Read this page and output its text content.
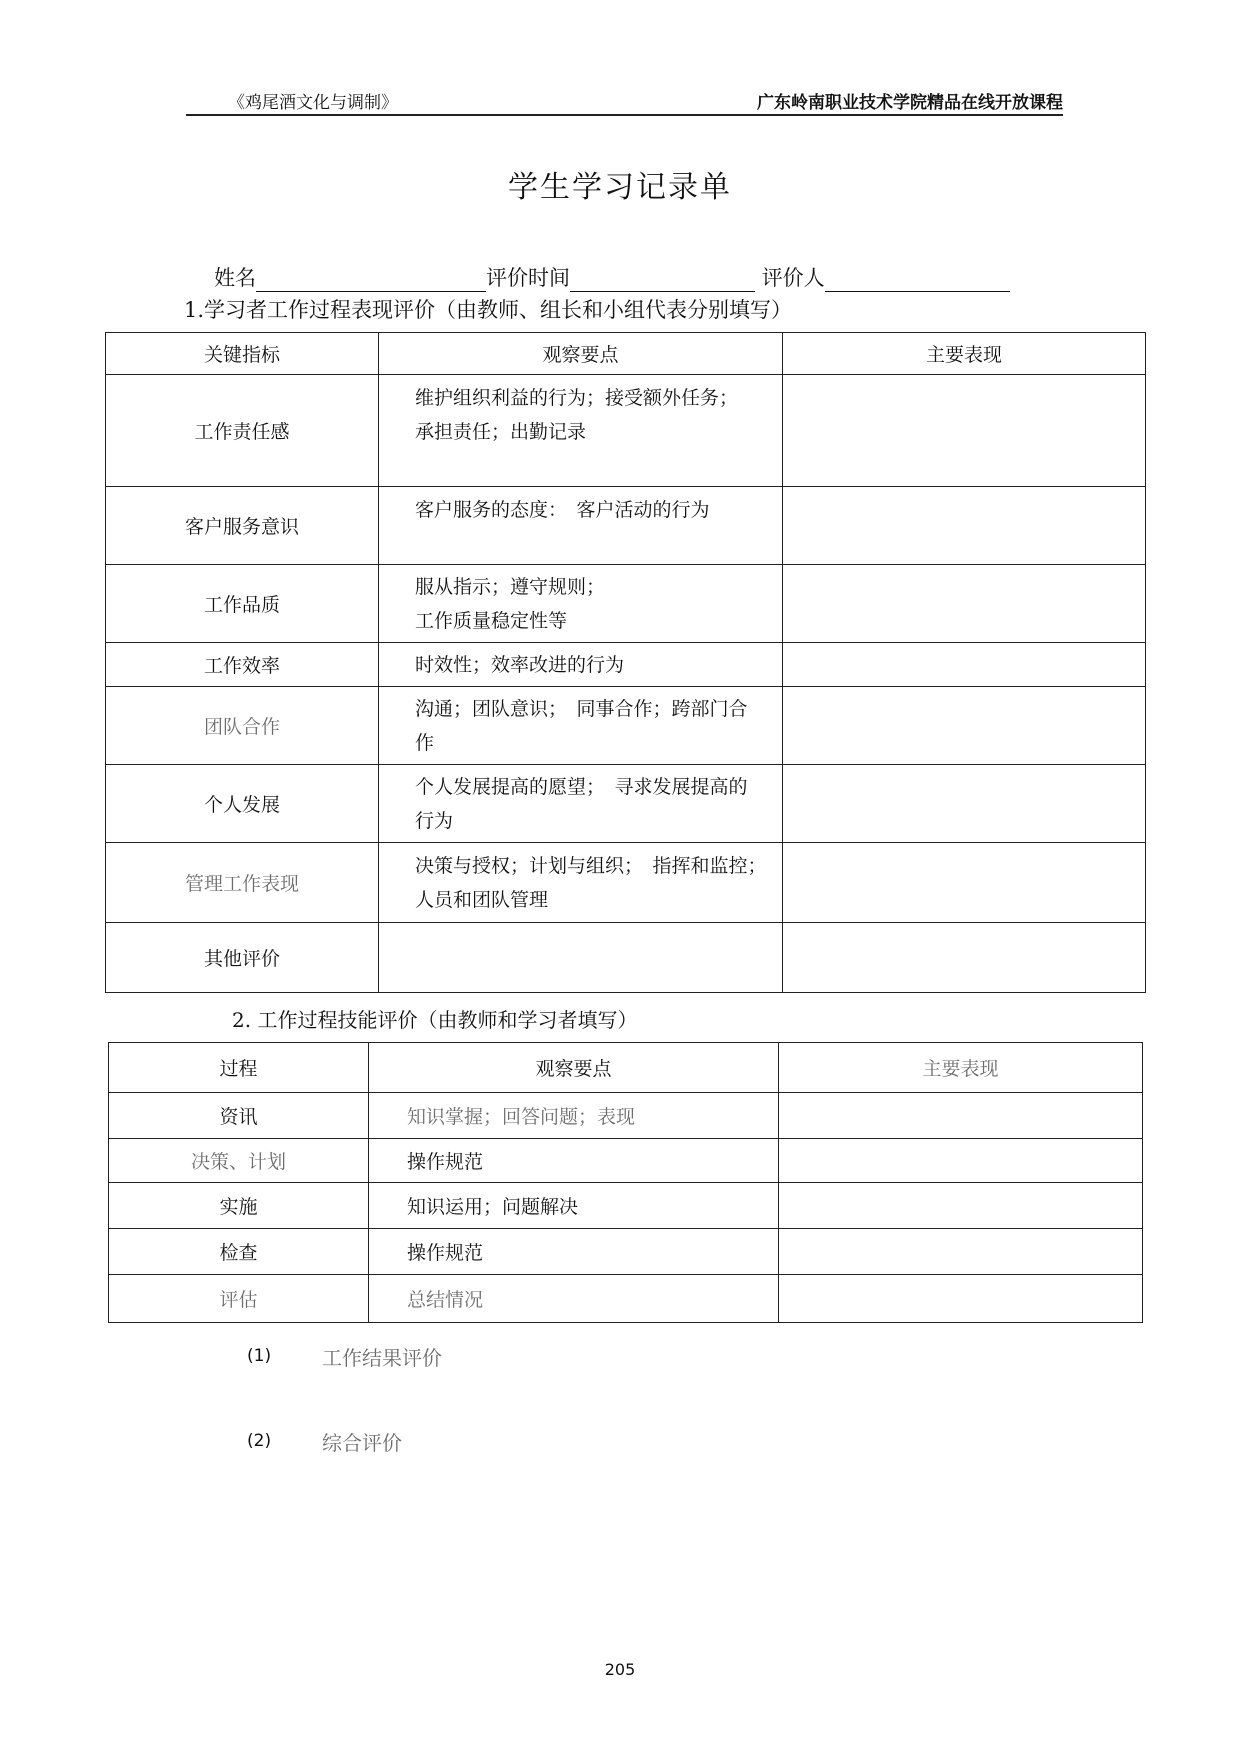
《鸡尾酒文化与调制》	广东岭南职业技术学院精品在线开放课程
学生学习记录单
姓名	评价时间	评价人
1.学习者工作过程表现评价（由教师、组长和小组代表分别填写）
关键指标	观察要点	主要表现
工作责任感	维护组织利益的行为；接受额外任务；
承担责任；出勤记录	

客户服务意识	客户服务的态度：　客户活动的行为	

工作品质	服从指示；遵守规则；
工作质量稳定性等	

工作效率	时效性；效率改进的行为	

团队合作	沟通；团队意识；　同事合作；跨部门合
作	

个人发展	个人发展提高的愿望；　寻求发展提高的
行为	

管理工作表现	决策与授权；计划与组织；　指挥和监控；
人员和团队管理	

其他评价		
2. 工作过程技能评价（由教师和学习者填写）
过程	观察要点	主要表现
资讯	知识掌握；回答问题；表现	
决策、计划	操作规范	
实施	知识运用；问题解决	
检查	操作规范	
评估	总结情况	
(1)	工作结果评价
(2)	综合评价
205
